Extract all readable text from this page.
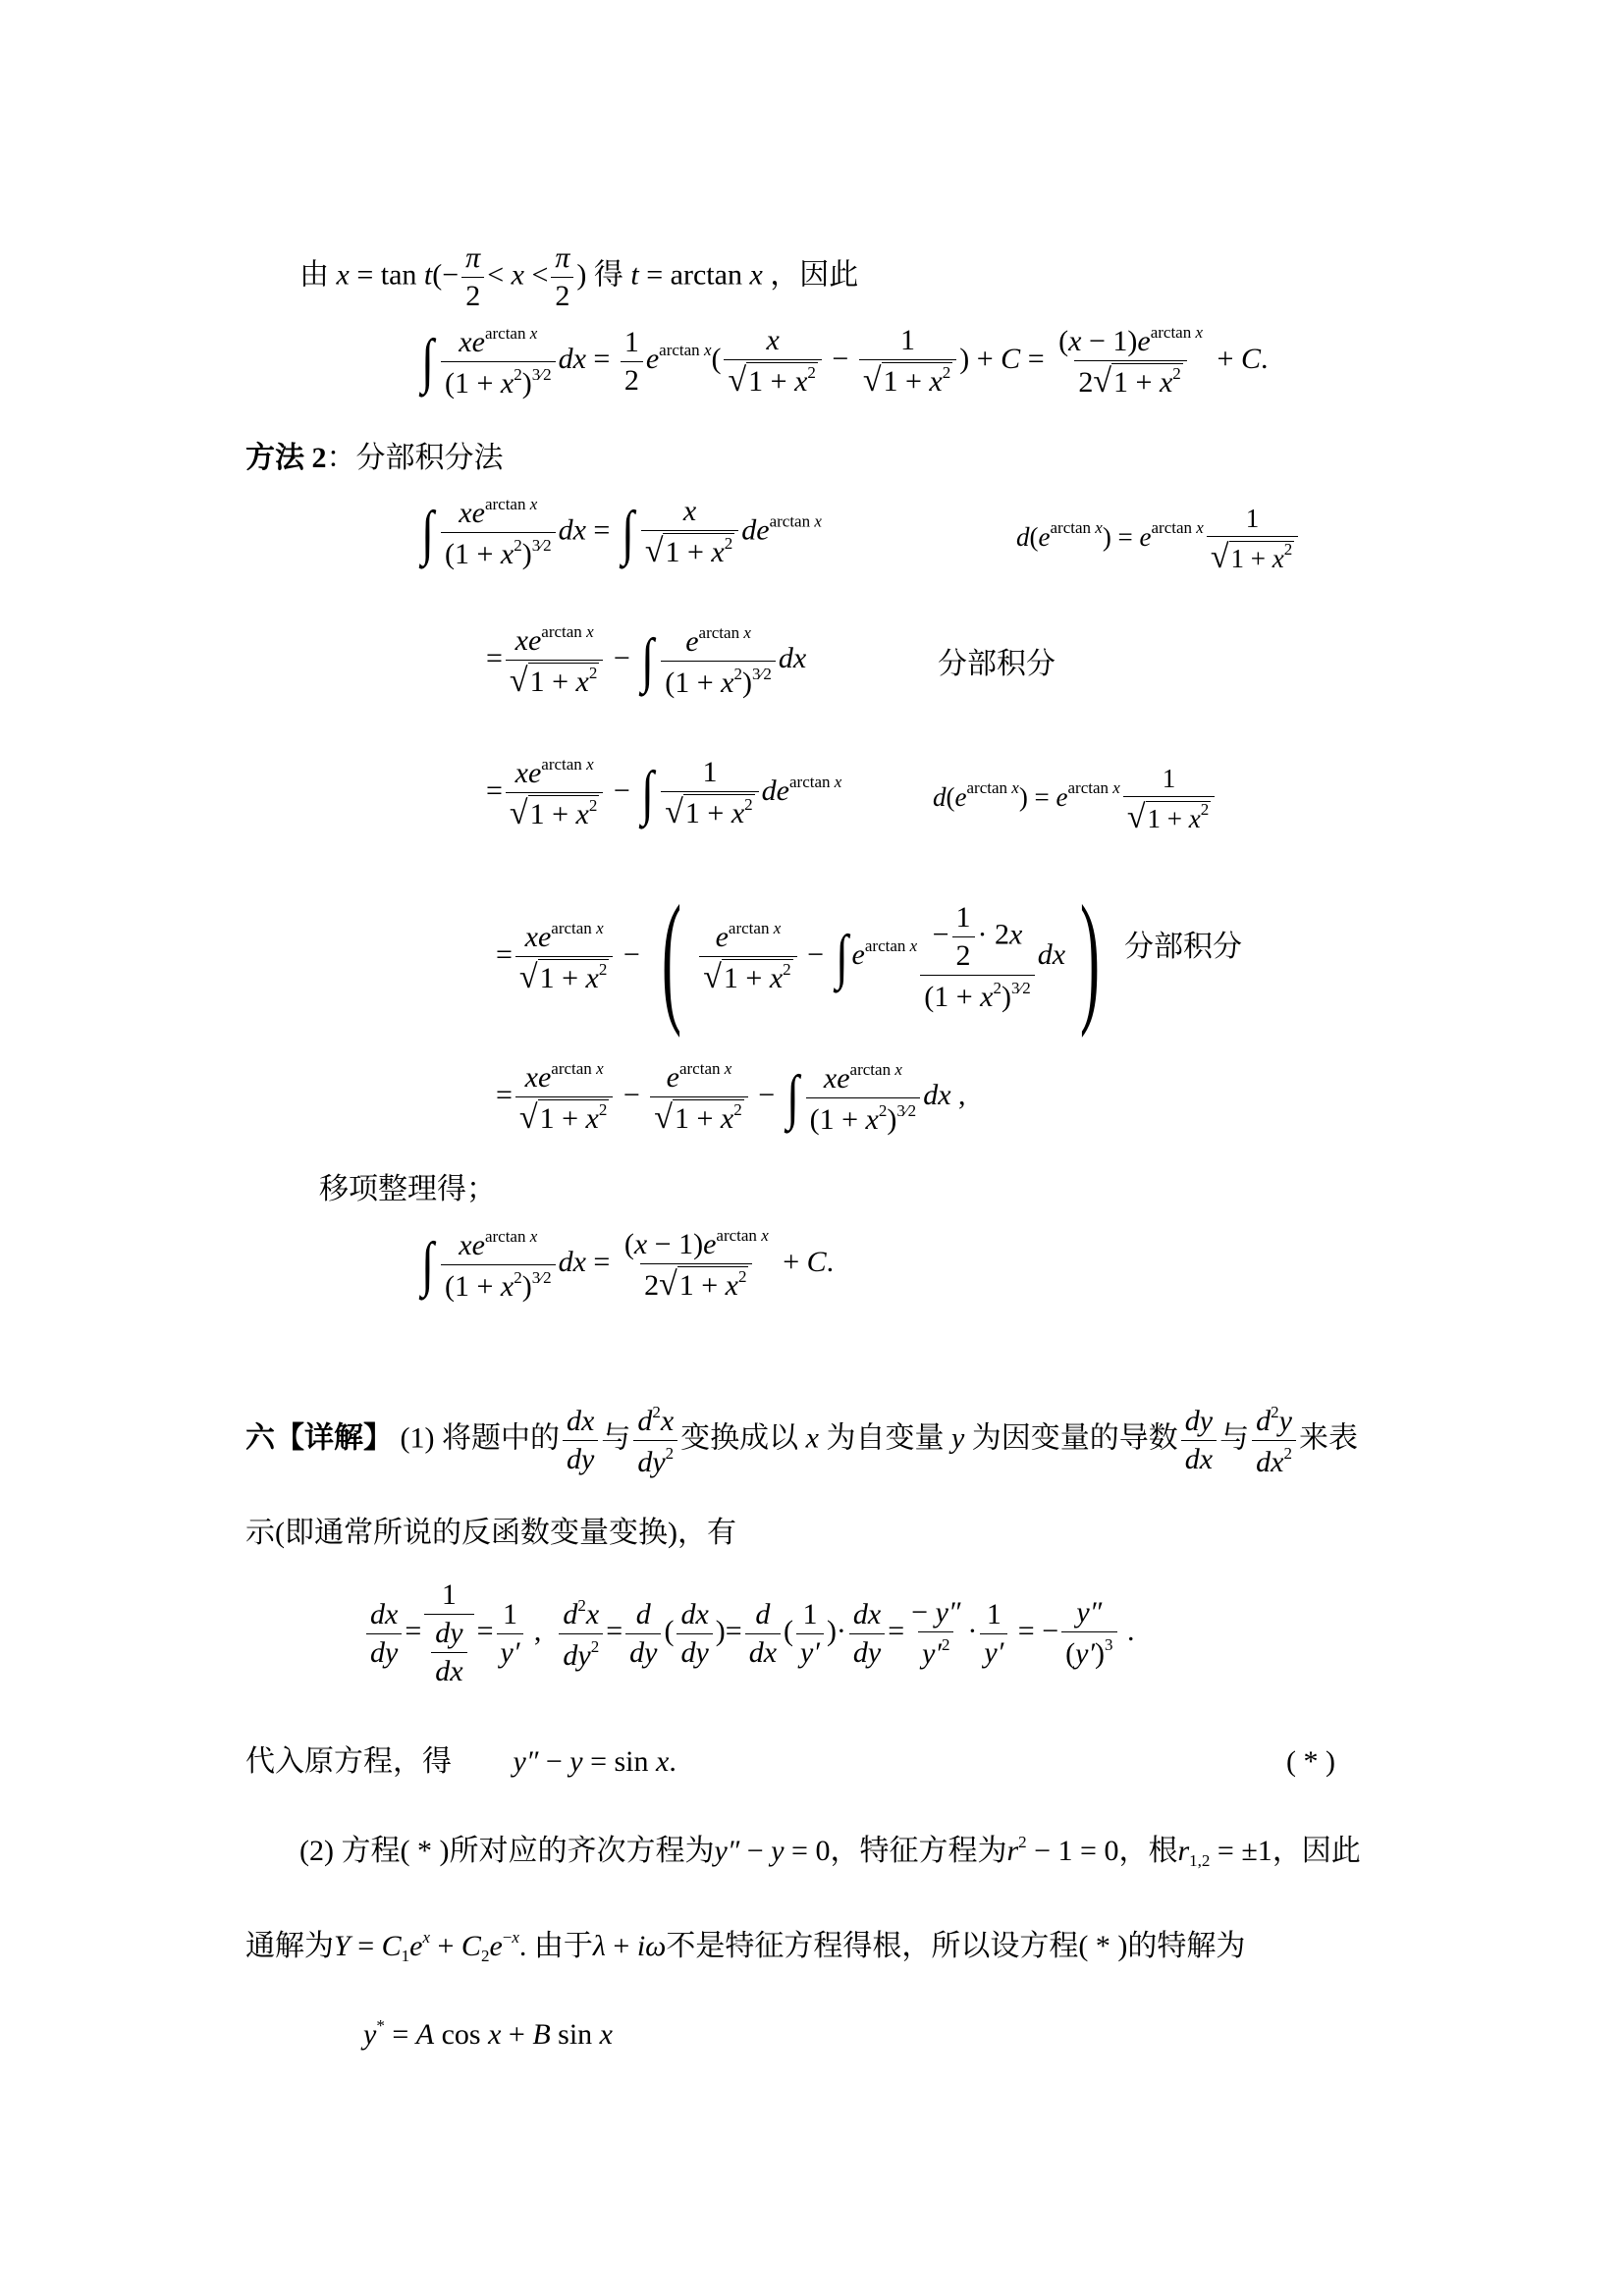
由 $x = \tan t(- \frac{\pi}{2} < x < \frac{\pi}{2}$ ) 得 t = arctan x ，因此
∫ $\frac{xe^{arctan x}}{(1 + x^2)^{3⁄2}}$ dx = $\frac{1}{2} e^{arctan x}( \frac{x}{√1 + x^2} - \frac{1}{√1 + x^2}$ ) + $C = \frac{(x - 1)e^{arctan x}}{2√1 + x^2} + C$.
方法 2：分部积分法
∫ $\frac{xe^{arctan x}}{(1 + x^2)^{3⁄2}}$ dx = ∫ $\frac{x}{√1 + x^2} de^{arctan x}$
$d(e^{arctan x}) = e^{arctan x} \frac{1}{√1 + x^2}$
= $\frac{xe^{arctan x}}{√1 + x^2}$ − ∫ $\frac{e^{arctan x}}{(1 + x^2)^{3⁄2}}$ dx	分部积分
= $\frac{xe^{arctan x}}{√1 + x^2}$ − ∫ $\frac{1}{√1 + x^2} de^{arctan x}$
$d(e^{arctan x}) = e^{arctan x} \frac{1}{√1 + x^2}$
= $\frac{xe^{arctan x}}{√1 + x^2}$ − ( $\frac{e^{arctan x}}{√1 + x^2}$ − ∫ $e^{arctan x} \frac{- \frac{1}{2} \cdot 2x}{(1 + x^2)^{3⁄2}} dx$) 分部积分
= $\frac{xe^{arctan x}}{√1 + x^2} - \frac{e^{arctan x}}{√1 + x^2}$ − ∫ $\frac{xe^{arctan x}}{(1 + x^2)^{3⁄2}}$ dx ,
移项整理得；
∫ $\frac{xe^{arctan x}}{(1 + x^2)^{3⁄2}}$ dx = $\frac{(x - 1)e^{arctan x}}{2√1 + x^2} + C$.
六【详解】 (1) 将题中的 $\frac{dx}{dy}$ 与 $\frac{d^2x}{dy^2}$ 变换成以 x 为自变量 y 为因变量的导数 $\frac{dy}{dx}$ 与 $\frac{d^2y}{dx^2}$ 来表
示(即通常所说的反函数变量变换)，有
$\frac{dx}{dy}$ =
1
$\frac{dy}{dx} = \frac{1}{y'}$ , $\frac{d^2x}{dy^2} = \frac{d}{dy}$ ( $\frac{dx}{dy}$ )= $\frac{d}{dx}$ ( $\frac{1}{y'}$ )· $\frac{dx}{dy} = \frac{- y''}{y'^2} \cdot \frac{1}{y'}$ = − $\frac{y''}{(y')^3}$ .
代入原方程，得 y″ − y = sin x.	( * )
(2) 方程( * )所对应的齐次方程为y″ − y = 0，特征方程为$r^2 - 1 = 0$，根$r_{1,2} = \pm 1$，因此
通解为$Y = C_1e^x + C_2e^{-x}$. 由于λ + iω不是特征方程得根，所以设方程( * )的特解为
y* = A cos x + B sin x
